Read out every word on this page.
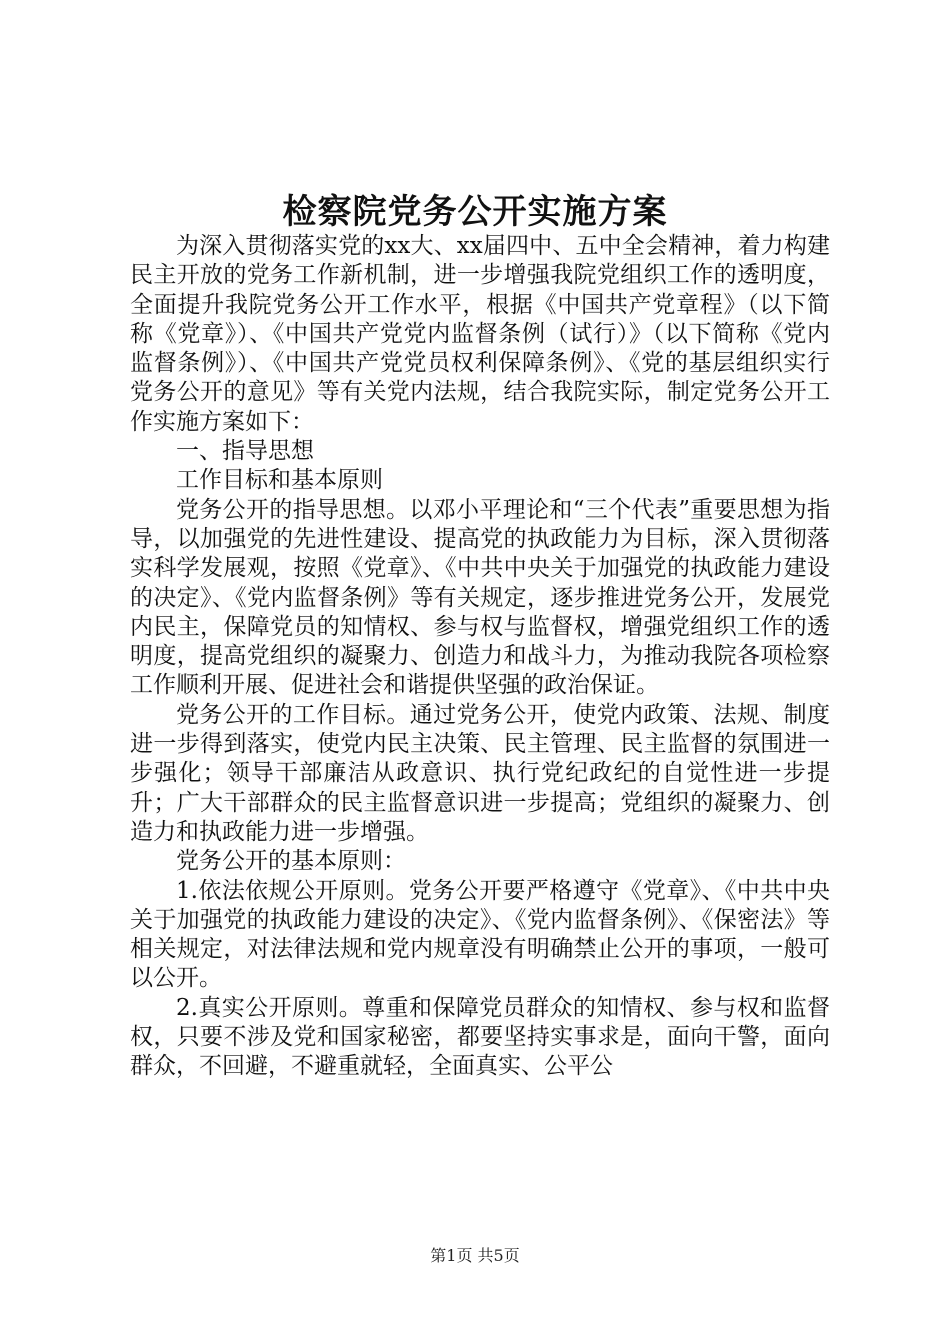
检察院党务公开实施方案

为深入贯彻落实党的xx大、xx届四中、五中全会精神，着力构建民主开放的党务工作新机制，进一步增强我院党组织工作的透明度，全面提升我院党务公开工作水平，根据《中国共产党章程》（以下简称《党章》）、《中国共产党党内监督条例（试行）》（以下简称《党内监督条例》）、《中国共产党党员权利保障条例》、《党的基层组织实行党务公开的意见》等有关党内法规，结合我院实际，制定党务公开工作实施方案如下：

一、指导思想

工作目标和基本原则

党务公开的指导思想。以邓小平理论和“三个代表”重要思想为指导，以加强党的先进性建设、提高党的执政能力为目标，深入贯彻落实科学发展观，按照《党章》、《中共中央关于加强党的执政能力建设的决定》、《党内监督条例》等有关规定，逐步推进党务公开，发展党内民主，保障党员的知情权、参与权与监督权，增强党组织工作的透明度，提高党组织的凝聚力、创造力和战斗力，为推动我院各项检察工作顺利开展、促进社会和谐提供坚强的政治保证。

党务公开的工作目标。通过党务公开，使党内政策、法规、制度进一步得到落实，使党内民主决策、民主管理、民主监督的氛围进一步强化；领导干部廉洁从政意识、执行党纪政纪的自觉性进一步提升；广大干部群众的民主监督意识进一步提高；党组织的凝聚力、创造力和执政能力进一步增强。

党务公开的基本原则：

1.依法依规公开原则。党务公开要严格遵守《党章》、《中共中央关于加强党的执政能力建设的决定》、《党内监督条例》、《保密法》等相关规定，对法律法规和党内规章没有明确禁止公开的事项，一般可以公开。

2.真实公开原则。尊重和保障党员群众的知情权、参与权和监督权，只要不涉及党和国家秘密，都要坚持实事求是，面向干警，面向群众，不回避，不避重就轻，全面真实、公平公

第1页 共5页
